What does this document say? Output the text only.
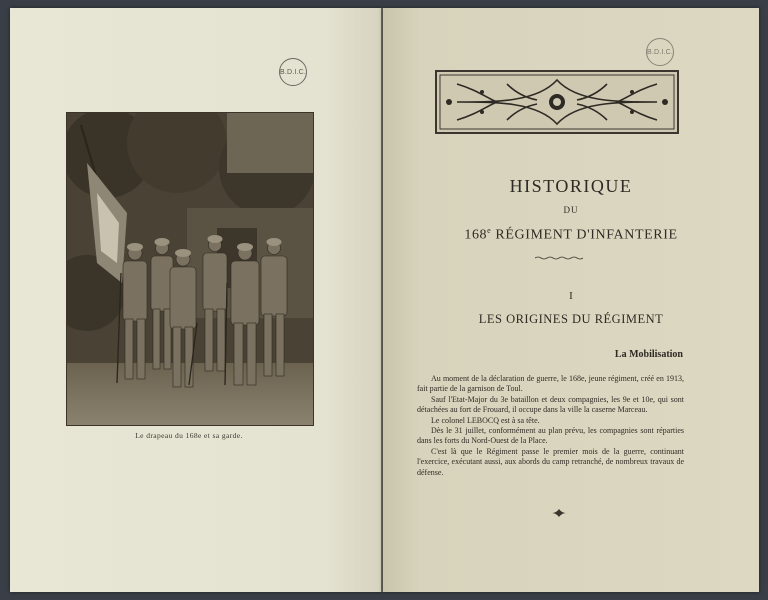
B.D.I.C.
Le drapeau du 168e et sa garde.
B.D.I.C.
HISTORIQUE
DU
168e RÉGIMENT D'INFANTERIE
I
LES ORIGINES DU RÉGIMENT
La Mobilisation

Au moment de la déclaration de guerre, le 168e, jeune régiment, créé en 1913, fait partie de la garnison de Toul.

Sauf l'Etat-Major du 3e bataillon et deux compagnies, les 9e et 10e, qui sont détachées au fort de Frouard, il occupe dans la ville la caserne Marceau.

Le colonel LEBOCQ est à sa tête.

Dès le 31 juillet, conformément au plan prévu, les compagnies sont réparties dans les forts du Nord-Ouest de la Place.

C'est là que le Régiment passe le premier mois de la guerre, continuant l'exercice, exécutant aussi, aux abords du camp retranché, de nombreux travaux de défense.
